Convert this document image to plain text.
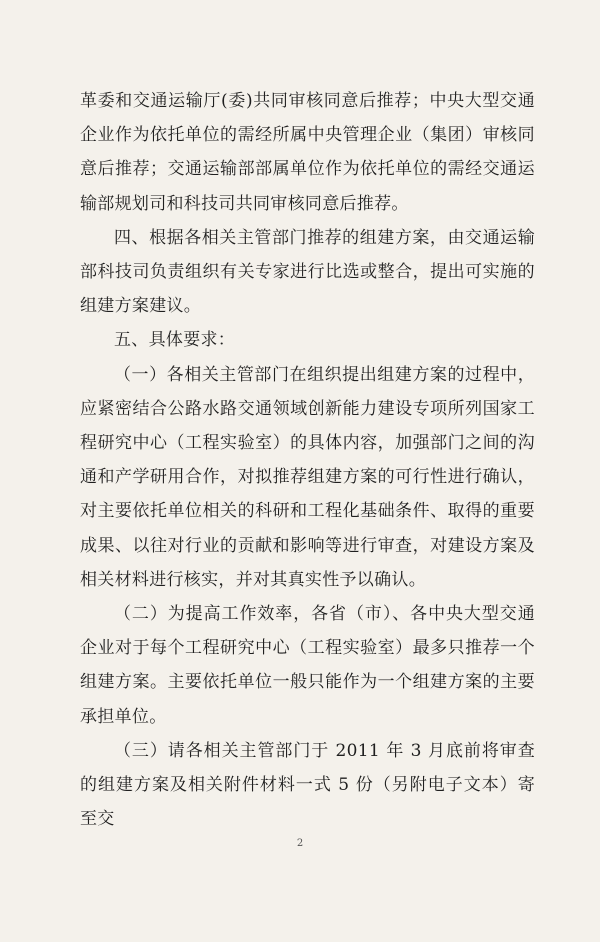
革委和交通运输厅(委)共同审核同意后推荐；中央大型交通企业作为依托单位的需经所属中央管理企业（集团）审核同意后推荐；交通运输部部属单位作为依托单位的需经交通运输部规划司和科技司共同审核同意后推荐。

四、根据各相关主管部门推荐的组建方案，由交通运输部科技司负责组织有关专家进行比选或整合，提出可实施的组建方案建议。

五、具体要求：

（一）各相关主管部门在组织提出组建方案的过程中，应紧密结合公路水路交通领域创新能力建设专项所列国家工程研究中心（工程实验室）的具体内容，加强部门之间的沟通和产学研用合作，对拟推荐组建方案的可行性进行确认，对主要依托单位相关的科研和工程化基础条件、取得的重要成果、以往对行业的贡献和影响等进行审查，对建设方案及相关材料进行核实，并对其真实性予以确认。

（二）为提高工作效率，各省（市）、各中央大型交通企业对于每个工程研究中心（工程实验室）最多只推荐一个组建方案。主要依托单位一般只能作为一个组建方案的主要承担单位。

（三）请各相关主管部门于 2011 年 3 月底前将审查的组建方案及相关附件材料一式 5 份（另附电子文本）寄至交

2
